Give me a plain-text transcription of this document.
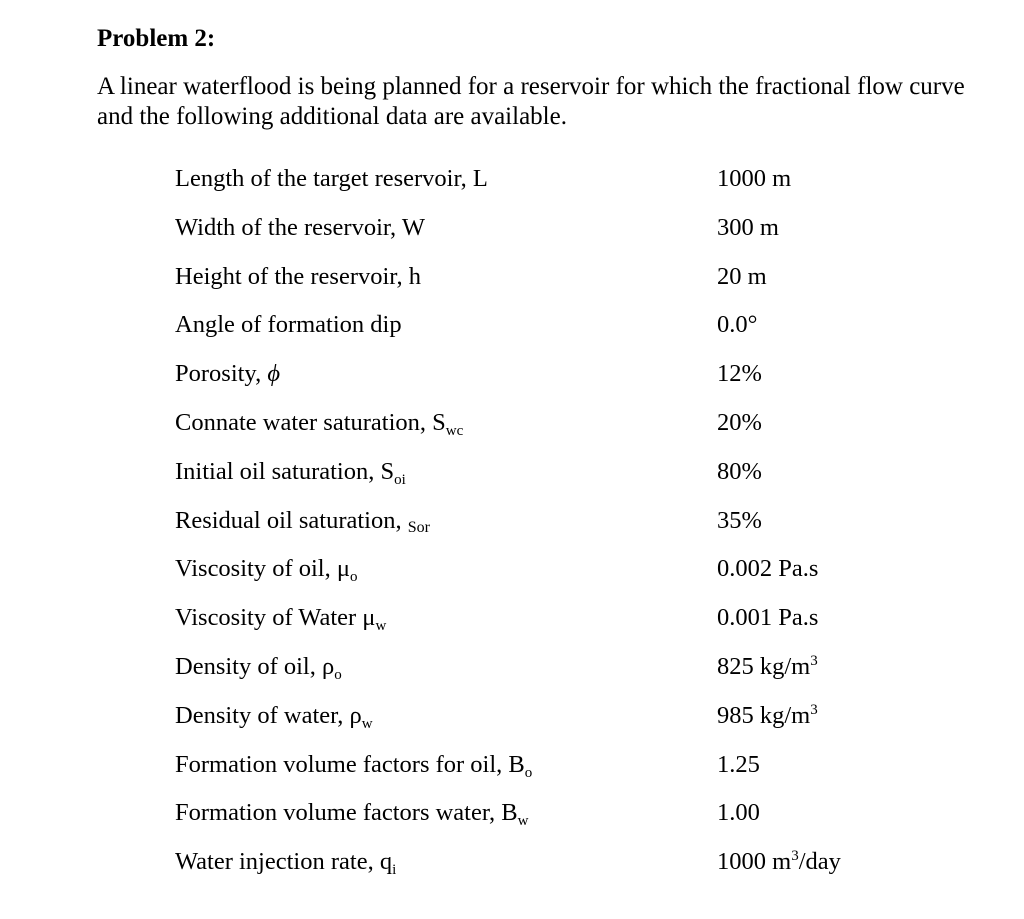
Problem 2:
A linear waterflood is being planned for a reservoir for which the fractional flow curve and the following additional data are available.
Length of the target reservoir, L	1000 m
Width of the reservoir, W	300 m
Height of the reservoir, h	20 m
Angle of formation dip	0.0°
Porosity, ϕ	12%
Connate water saturation, $S_{wc}$	20%
Initial oil saturation, $S_{oi}$	80%
Residual oil saturation, $_{Sor}$	35%
Viscosity of oil, $\mu_o$	0.002 Pa.s
Viscosity of Water $\mu_w$	0.001 Pa.s
Density of oil, $\rho_o$	825 $kg/m^3$
Density of water, $\rho_w$	985 $kg/m^3$
Formation volume factors for oil, $B_o$	1.25
Formation volume factors water, $B_w$	1.00
Water injection rate, $q_i$	1000 $m^3$/day
